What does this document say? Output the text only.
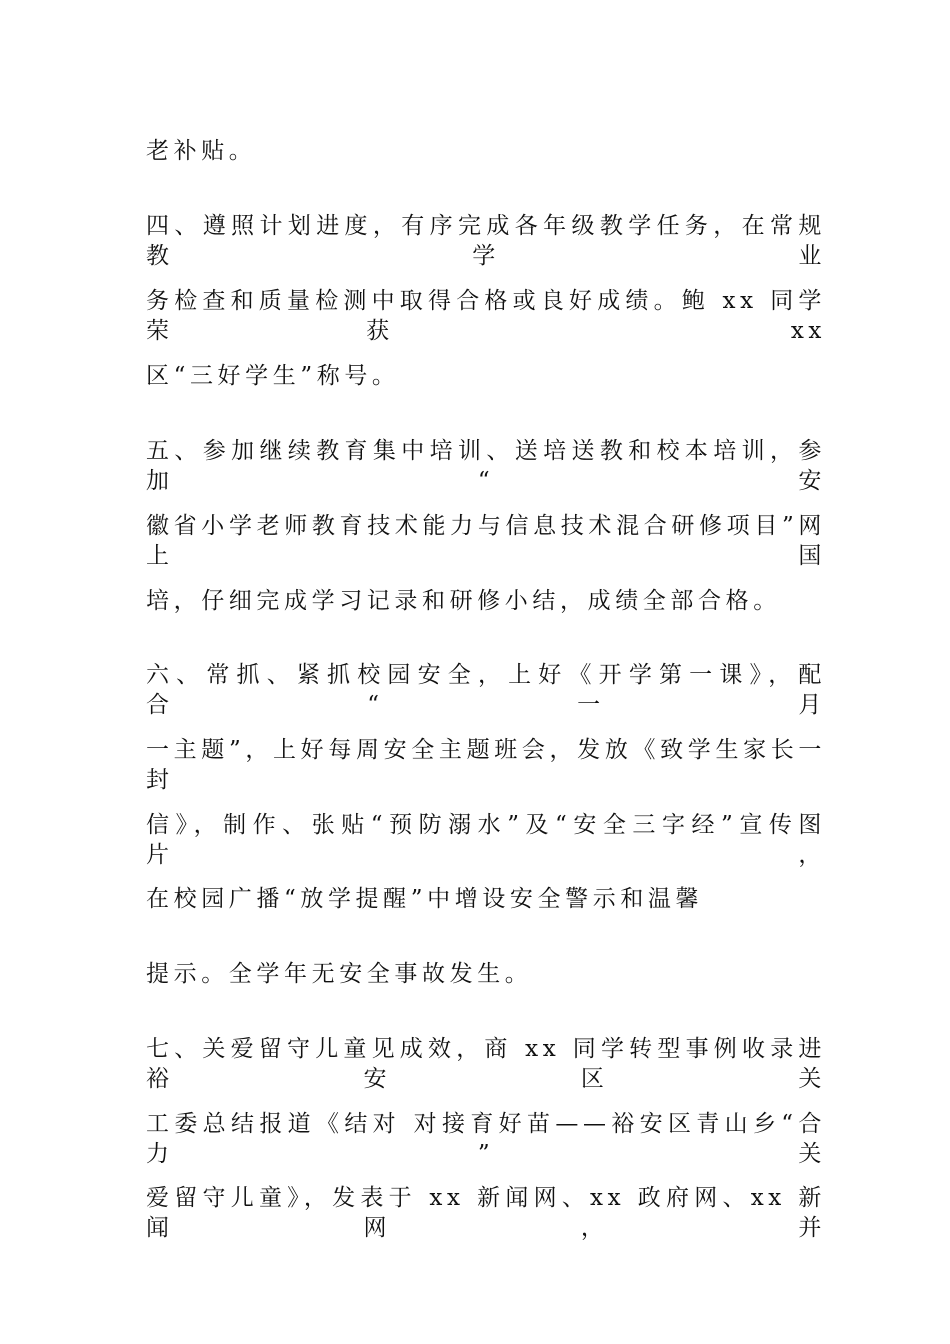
老补贴。
四、遵照计划进度，有序完成各年级教学任务，在常规教学业
务检查和质量检测中取得合格或良好成绩。鲍 xx 同学荣获 xx
区“三好学生”称号。
五、参加继续教育集中培训、送培送教和校本培训，参加“安
徽省小学老师教育技术能力与信息技术混合研修项目”网上国
培，仔细完成学习记录和研修小结，成绩全部合格。
六、常抓、紧抓校园安全，上好《开学第一课》，配合“一月
一主题”，上好每周安全主题班会，发放《致学生家长一封
信》，制作、张贴“预防溺水”及“安全三字经”宣传图片，
在校园广播“放学提醒”中增设安全警示和温馨
提示。全学年无安全事故发生。
七、关爱留守儿童见成效，商 xx 同学转型事例收录进裕安区关
工委总结报道《结对 对接育好苗——裕安区青山乡“合力”关
爱留守儿童》，发表于 xx 新闻网、xx 政府网、xx 新闻网，并
